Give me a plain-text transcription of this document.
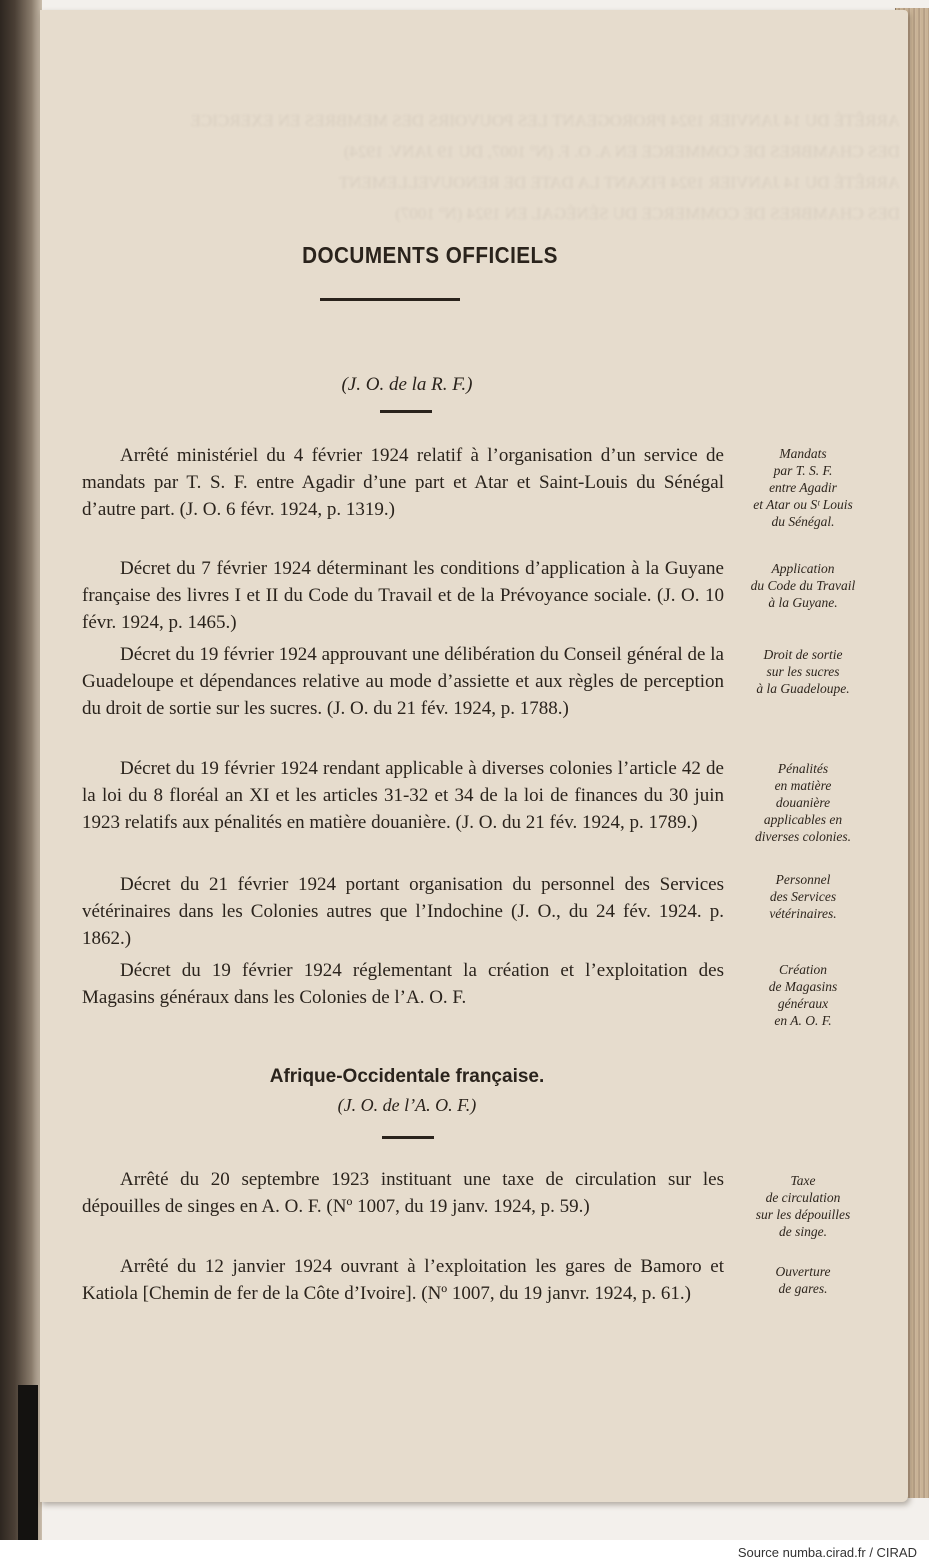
ARRÊTÉ DU 14 JANVIER 1924 PROROGEANT LES POUVOIRS DES MEMBRES EN EXERCICE
DES CHAMBRES DE COMMERCE EN A. O. F. (Nº 1007, DU 19 JANV. 1924)
ARRÊTÉ DU 14 JANVIER 1924 FIXANT LA DATE DE RENOUVELLEMENT
DES CHAMBRES DE COMMERCE DU SÉNÉGAL EN 1924 (Nº 1007)
DOCUMENTS OFFICIELS
(J. O. de la R. F.)
Arrêté ministériel du 4 février 1924 relatif à l’organisation d’un service de mandats par T. S. F. entre Agadir d’une part et Atar et Saint-Louis du Sénégal d’autre part. (J. O. 6 févr. 1924, p. 1319.)
Décret du 7 février 1924 déterminant les conditions d’application à la Guyane française des livres I et II du Code du Travail et de la Prévoyance sociale. (J. O. 10 févr. 1924, p. 1465.)
Décret du 19 février 1924 approuvant une délibération du Conseil général de la Guadeloupe et dépendances relative au mode d’assiette et aux règles de perception du droit de sortie sur les sucres. (J. O. du 21 fév. 1924, p. 1788.)
Décret du 19 février 1924 rendant applicable à diverses colonies l’article 42 de la loi du 8 floréal an XI et les articles 31-32 et 34 de la loi de finances du 30 juin 1923 relatifs aux pénalités en matière douanière. (J. O. du 21 fév. 1924, p. 1789.)
Décret du 21 février 1924 portant organisation du personnel des Services vétérinaires dans les Colonies autres que l’Indochine (J. O., du 24 fév. 1924. p. 1862.)
Décret du 19 février 1924 réglementant la création et l’exploitation des Magasins généraux dans les Colonies de l’A. O. F.
Mandats
par T. S. F.
entre Agadir
et Atar ou Sᵗ Louis
du Sénégal.
Application
du Code du Travail
à la Guyane.
Droit de sortie
sur les sucres
à la Guadeloupe.
Pénalités
en matière
douanière
applicables en
diverses colonies.
Personnel
des Services
vétérinaires.
Création
de Magasins
généraux
en A. O. F.
Afrique-Occidentale française.
(J. O. de l’A. O. F.)
Arrêté du 20 septembre 1923 instituant une taxe de circulation sur les dépouilles de singes en A. O. F. (Nº 1007, du 19 janv. 1924, p. 59.)
Arrêté du 12 janvier 1924 ouvrant à l’exploitation les gares de Bamoro et Katiola [Chemin de fer de la Côte d’Ivoire]. (Nº 1007, du 19 janvr. 1924, p. 61.)
Taxe
de circulation
sur les dépouilles
de singe.
Ouverture
de gares.
Source numba.cirad.fr / CIRAD
